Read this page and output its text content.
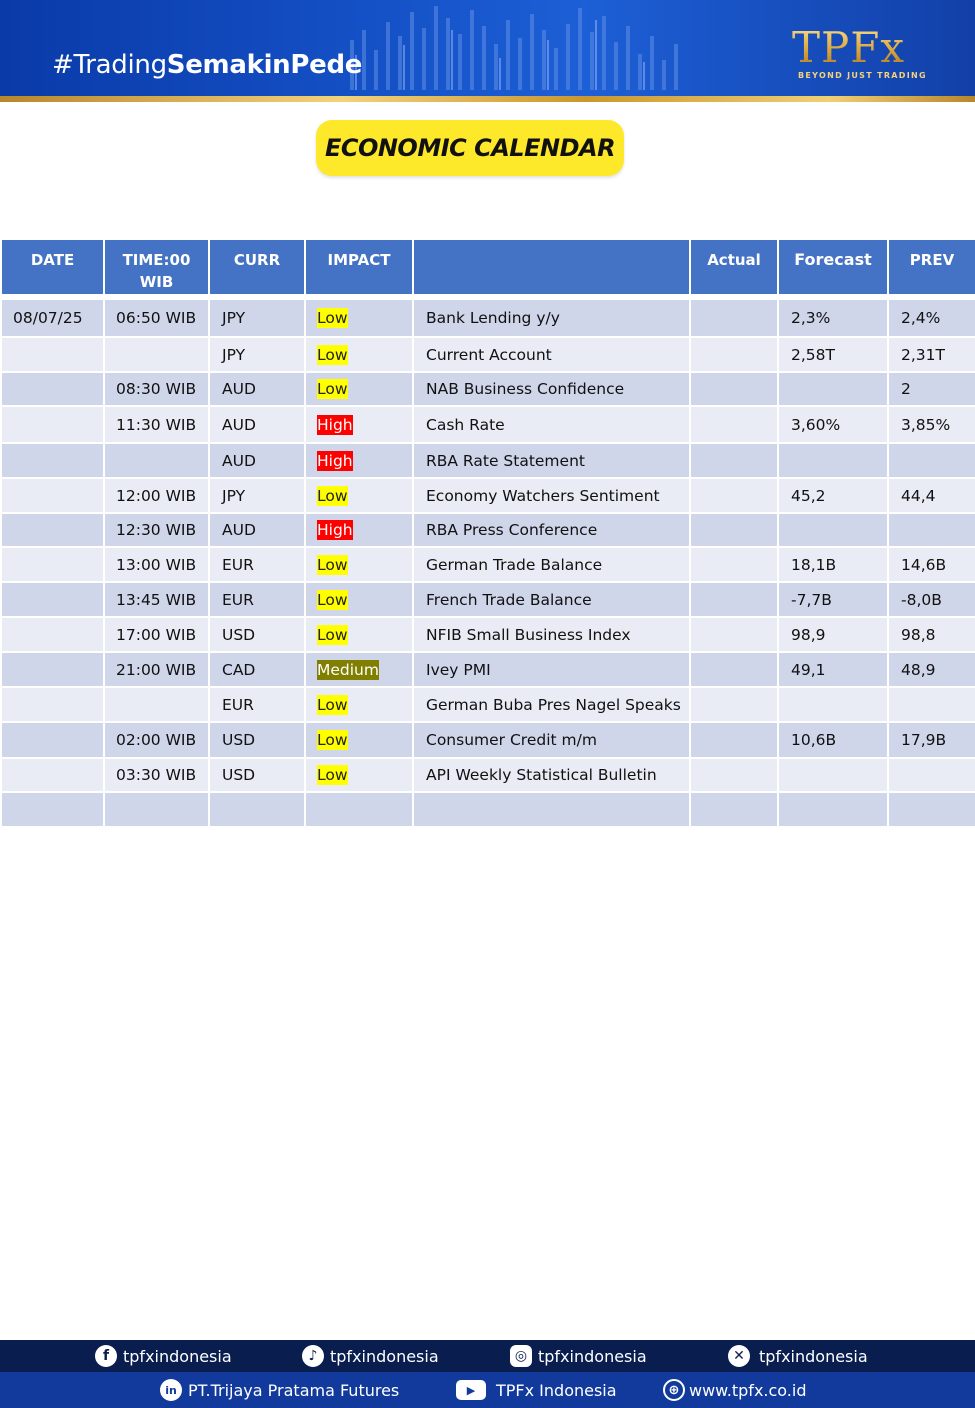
#TradingSemakinPede	TPFx
BEYOND JUST TRADING
ECONOMIC CALENDAR
DATE	TIME:00 WIB	CURR	IMPACT		Actual	Forecast	PREV

08/07/25	06:50 WIB	JPY	Low	Bank Lending y/y		2,3%	2,4%
		JPY	Low	Current Account		2,58T	2,31T
	08:30 WIB	AUD	Low	NAB Business Confidence			2
	11:30 WIB	AUD	High	Cash Rate		3,60%	3,85%
		AUD	High	RBA Rate Statement			
	12:00 WIB	JPY	Low	Economy Watchers Sentiment		45,2	44,4
	12:30 WIB	AUD	High	RBA Press Conference			
	13:00 WIB	EUR	Low	German Trade Balance		18,1B	14,6B
	13:45 WIB	EUR	Low	French Trade Balance		-7,7B	-8,0B
	17:00 WIB	USD	Low	NFIB Small Business Index		98,9	98,8
	21:00 WIB	CAD	Medium	Ivey PMI		49,1	48,9
		EUR	Low	German Buba Pres Nagel Speaks			
	02:00 WIB	USD	Low	Consumer Credit m/m		10,6B	17,9B
	03:30 WIB	USD	Low	API Weekly Statistical Bulletin			

f tpfxindonesia	♪ tpfxindonesia	◎ tpfxindonesia	✕ tpfxindonesia
in PT.Trijaya Pratama Futures	▶	TPFx Indonesia	⊕ www.tpfx.co.id
